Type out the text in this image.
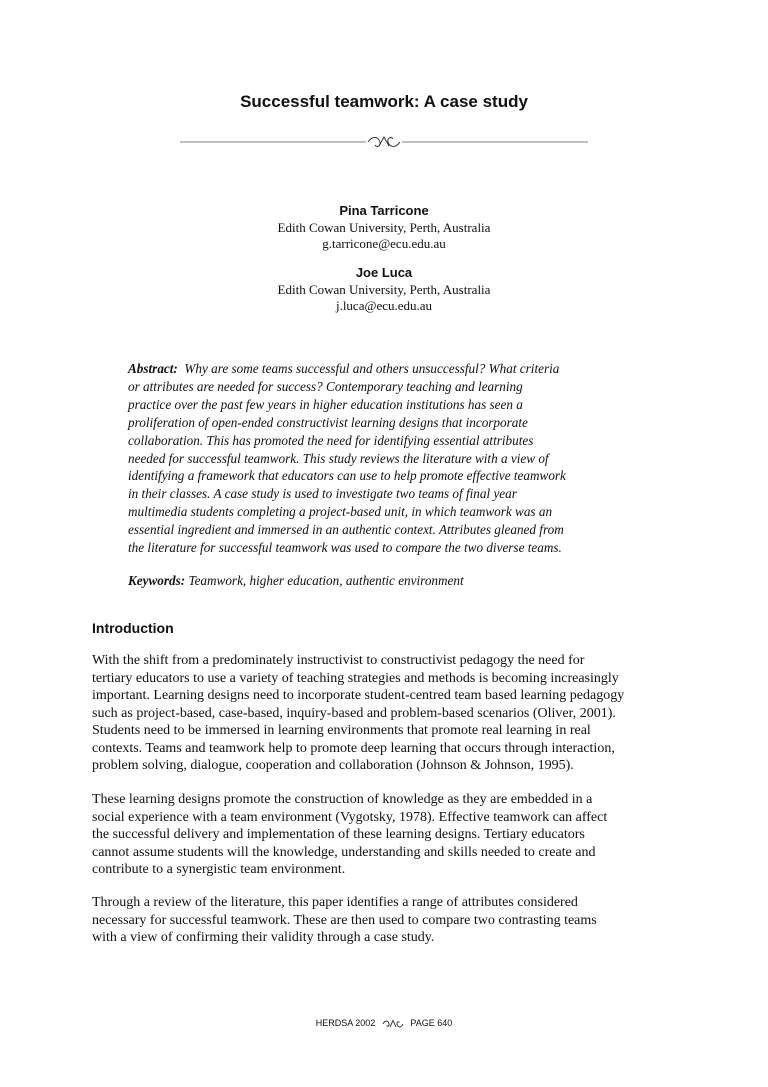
Successful teamwork: A case study
Pina Tarricone
Edith Cowan University, Perth, Australia
g.tarricone@ecu.edu.au
Joe Luca
Edith Cowan University, Perth, Australia
j.luca@ecu.edu.au

Abstract: Why are some teams successful and others unsuccessful? What criteria

or attributes are needed for success? Contemporary teaching and learning

practice over the past few years in higher education institutions has seen a

proliferation of open-ended constructivist learning designs that incorporate

collaboration. This has promoted the need for identifying essential attributes

needed for successful teamwork. This study reviews the literature with a view of

identifying a framework that educators can use to help promote effective teamwork

in their classes. A case study is used to investigate two teams of final year

multimedia students completing a project-based unit, in which teamwork was an

essential ingredient and immersed in an authentic context. Attributes gleaned from

the literature for successful teamwork was used to compare the two diverse teams.

Keywords: Teamwork, higher education, authentic environment
Introduction
With the shift from a predominately instructivist to constructivist pedagogy the need for
tertiary educators to use a variety of teaching strategies and methods is becoming increasingly
important. Learning designs need to incorporate student-centred team based learning pedagogy
such as project-based, case-based, inquiry-based and problem-based scenarios (Oliver, 2001).
Students need to be immersed in learning environments that promote real learning in real
contexts. Teams and teamwork help to promote deep learning that occurs through interaction,
problem solving, dialogue, cooperation and collaboration (Johnson & Johnson, 1995).
These learning designs promote the construction of knowledge as they are embedded in a
social experience with a team environment (Vygotsky, 1978). Effective teamwork can affect
the successful delivery and implementation of these learning designs. Tertiary educators
cannot assume students will the knowledge, understanding and skills needed to create and
contribute to a synergistic team environment.
Through a review of the literature, this paper identifies a range of attributes considered
necessary for successful teamwork. These are then used to compare two contrasting teams
with a view of confirming their validity through a case study.
HERDSA 2002	PAGE 640
